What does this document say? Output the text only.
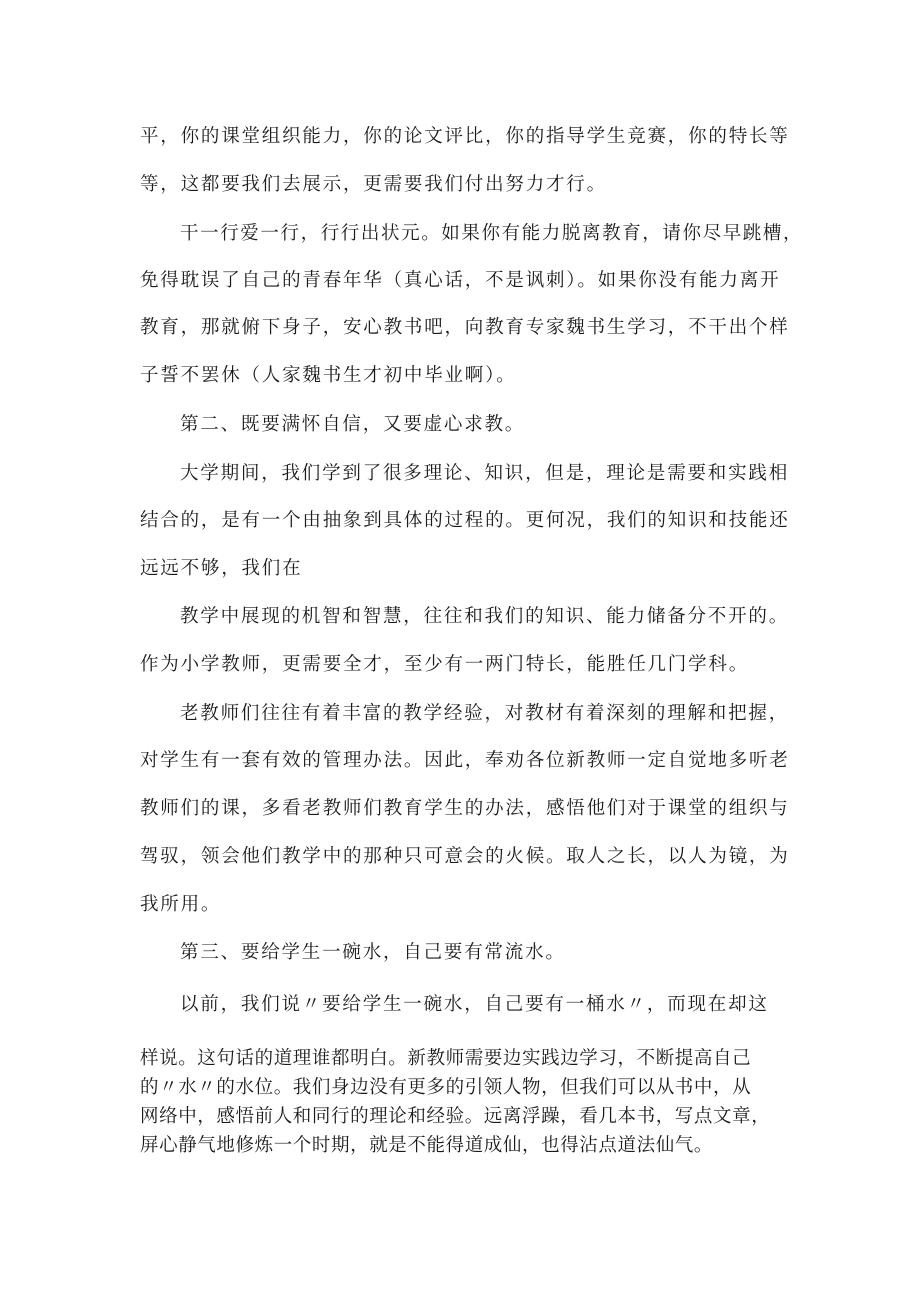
平，你的课堂组织能力，你的论文评比，你的指导学生竞赛，你的特长等

等，这都要我们去展示，更需要我们付出努力才行。

干一行爱一行，行行出状元。如果你有能力脱离教育，请你尽早跳槽，

免得耽误了自己的青春年华（真心话，不是讽刺）。如果你没有能力离开

教育，那就俯下身子，安心教书吧，向教育专家魏书生学习，不干出个样

子誓不罢休（人家魏书生才初中毕业啊）。

第二、既要满怀自信，又要虚心求教。

大学期间，我们学到了很多理论、知识，但是，理论是需要和实践相

结合的，是有一个由抽象到具体的过程的。更何况，我们的知识和技能还

远远不够，我们在

教学中展现的机智和智慧，往往和我们的知识、能力储备分不开的。

作为小学教师，更需要全才，至少有一两门特长，能胜任几门学科。

老教师们往往有着丰富的教学经验，对教材有着深刻的理解和把握，

对学生有一套有效的管理办法。因此，奉劝各位新教师一定自觉地多听老

教师们的课，多看老教师们教育学生的办法，感悟他们对于课堂的组织与

驾驭，领会他们教学中的那种只可意会的火候。取人之长，以人为镜，为

我所用。

第三、要给学生一碗水，自己要有常流水。

以前，我们说〃要给学生一碗水，自己要有一桶水〃，而现在却这

样说。这句话的道理谁都明白。新教师需要边实践边学习，不断提高自己

的〃水〃的水位。我们身边没有更多的引领人物，但我们可以从书中，从

网络中，感悟前人和同行的理论和经验。远离浮躁，看几本书，写点文章，

屏心静气地修炼一个时期，就是不能得道成仙，也得沾点道法仙气。
